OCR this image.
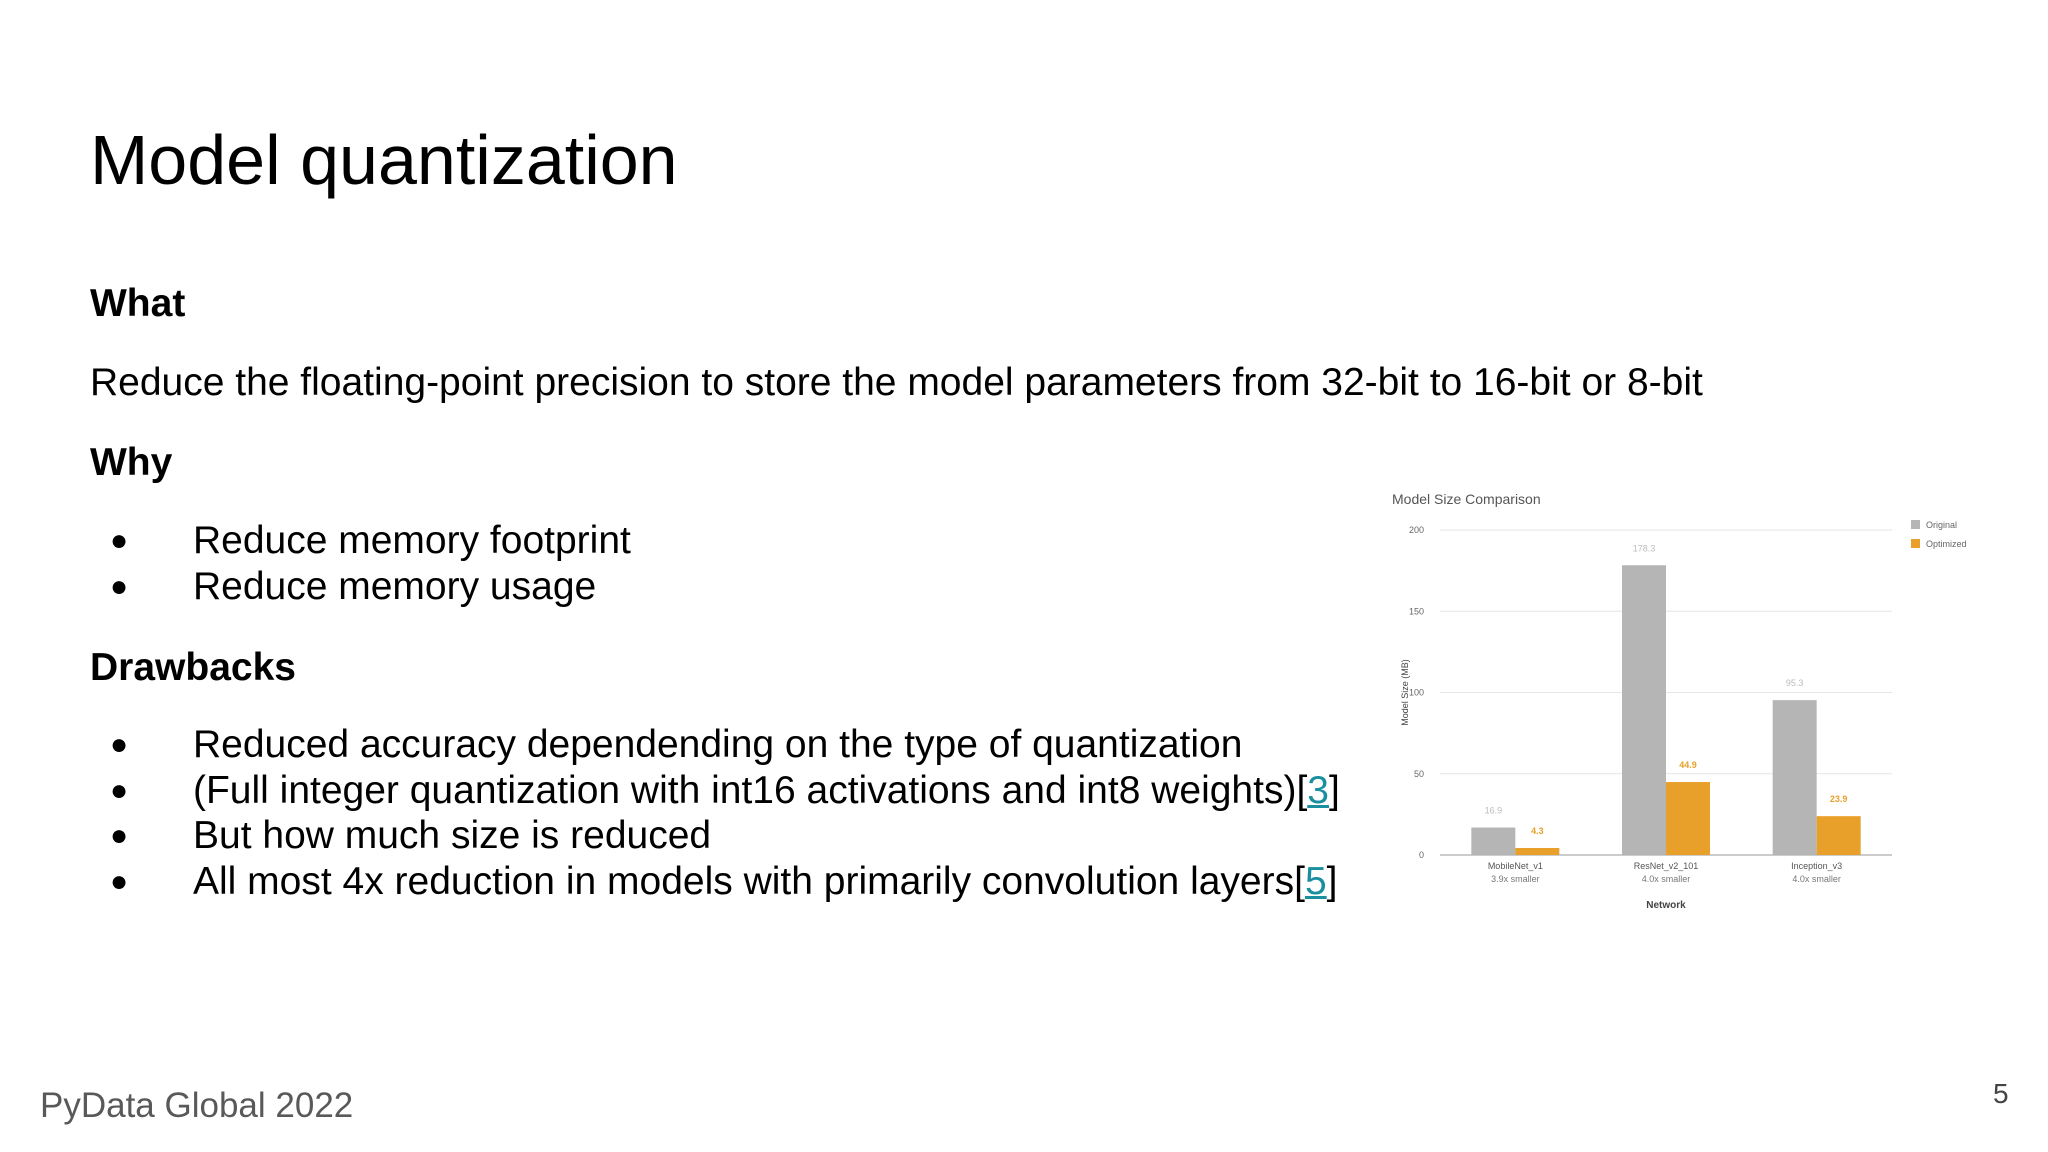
Model quantization
What
Reduce the floating-point precision to store the model parameters from 32-bit to 16-bit or 8-bit
Why
● Reduce memory footprint
● Reduce memory usage
Drawbacks
● Reduced accuracy dependending on the type of quantization
● (Full integer quantization with int16 activations and int8 weights)[3]
● But how much size is reduced
● All most 4x reduction in models with primarily convolution layers[5]
Model Size Comparison
0
50
100
150
200
Model Size (MB)
16.9
4.3
MobileNet_v1
3.9x smaller
178.3
44.9
ResNet_v2_101
4.0x smaller
95.3
23.9
Inception_v3
4.0x smaller
Network
Original
Optimized
PyData Global 2022	5
